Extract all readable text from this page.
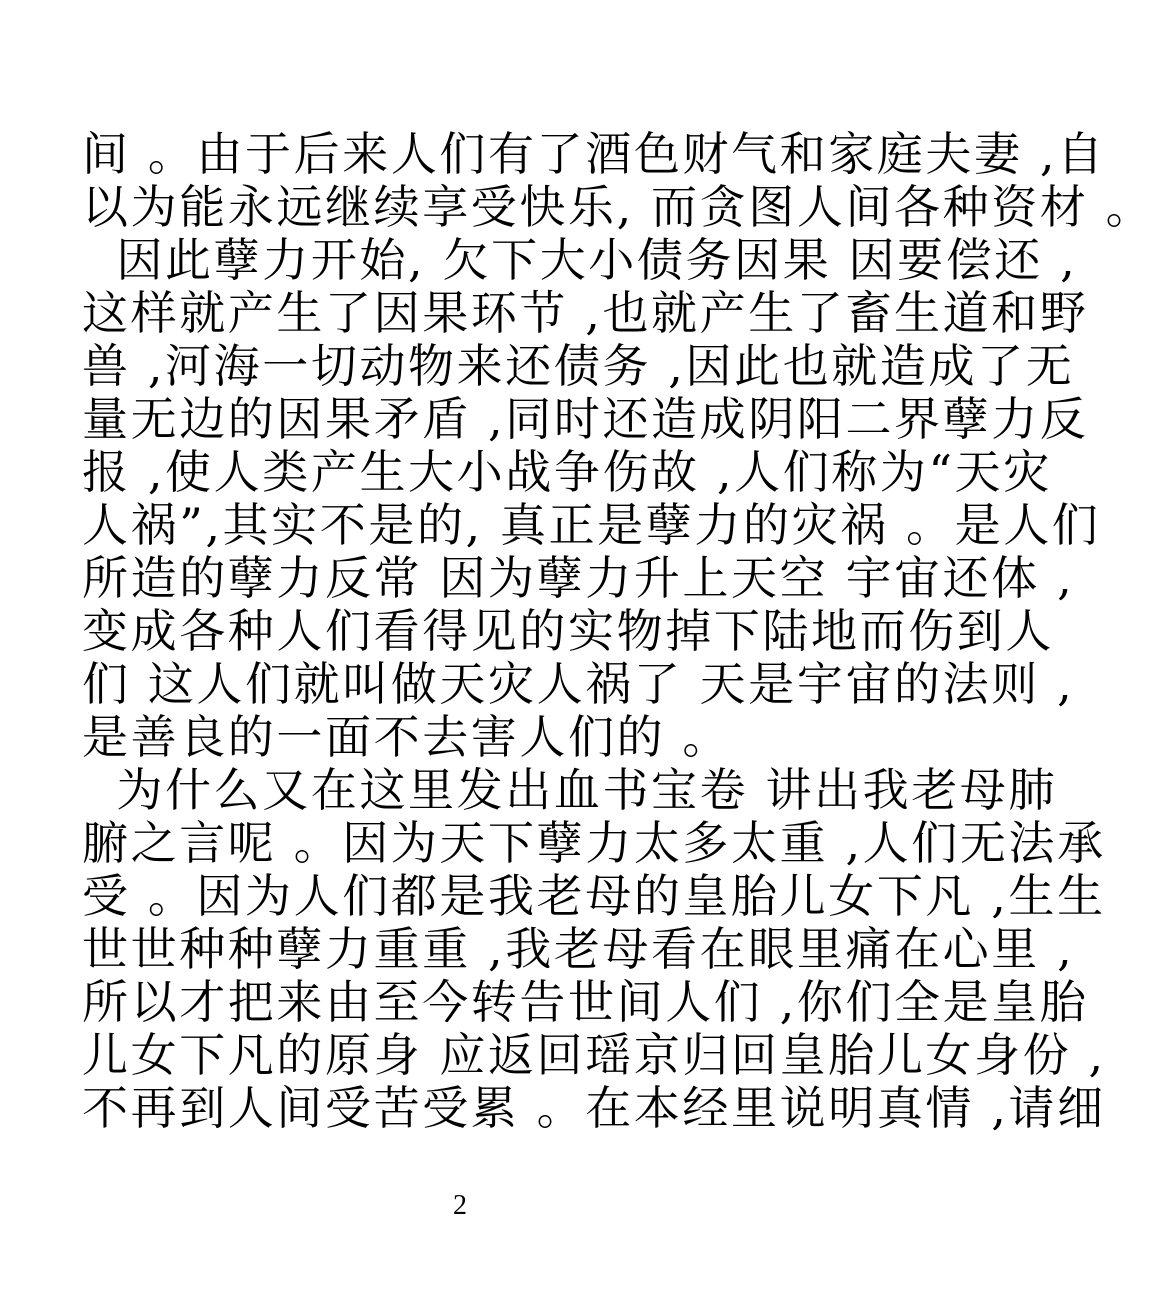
间 。由于后来人们有了酒色财气和家庭夫妻 ,自
以为能永远继续享受快乐, 而贪图人间各种资材 。
因此孽力开始, 欠下大小债务因果 因要偿还 ,
这样就产生了因果环节 ,也就产生了畜生道和野
兽 ,河海一切动物来还债务 ,因此也就造成了无
量无边的因果矛盾 ,同时还造成阴阳二界孽力反
报 ,使人类产生大小战争伤故 ,人们称为“天灾
人祸”,其实不是的, 真正是孽力的灾祸 。是人们
所造的孽力反常 因为孽力升上天空 宇宙还体 ,
变成各种人们看得见的实物掉下陆地而伤到人
们 这人们就叫做天灾人祸了 天是宇宙的法则 ,
是善良的一面不去害人们的 。
为什么又在这里发出血书宝卷 讲出我老母肺
腑之言呢 。因为天下孽力太多太重 ,人们无法承
受 。因为人们都是我老母的皇胎儿女下凡 ,生生
世世种种孽力重重 ,我老母看在眼里痛在心里 ,
所以才把来由至今转告世间人们 ,你们全是皇胎
儿女下凡的原身 应返回瑶京归回皇胎儿女身份 ,
不再到人间受苦受累 。在本经里说明真情 ,请细
2
